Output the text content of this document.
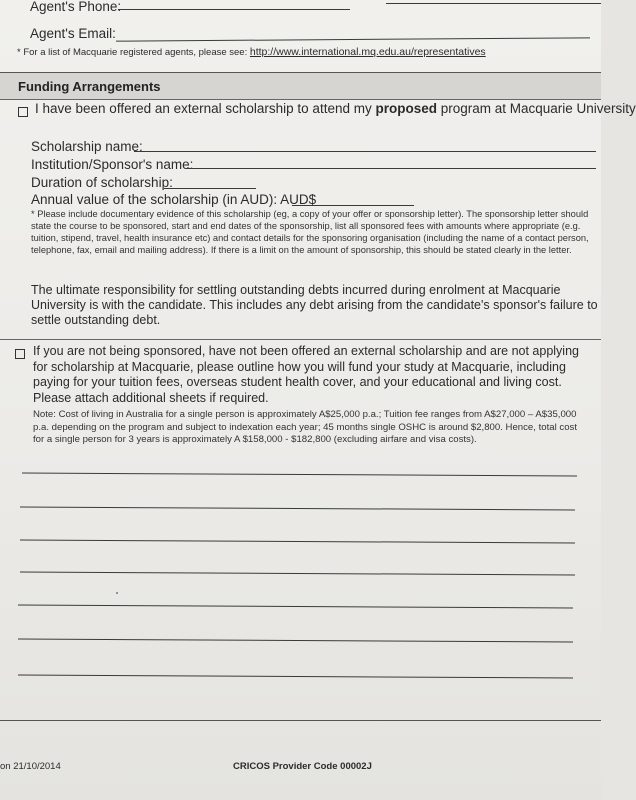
Agent's Phone:
Agent's Email:
* For a list of Macquarie registered agents, please see: http://www.international.mq.edu.au/representatives
Funding Arrangements
I have been offered an external scholarship to attend my proposed program at Macquarie University
Scholarship name:
Institution/Sponsor's name:
Duration of scholarship:
Annual value of the scholarship (in AUD): AUD$
* Please include documentary evidence of this scholarship (eg, a copy of your offer or sponsorship letter). The sponsorship letter should state the course to be sponsored, start and end dates of the sponsorship, list all sponsored fees with amounts where appropriate (e.g. tuition, stipend, travel, health insurance etc) and contact details for the sponsoring organisation (including the name of a contact person, telephone, fax, email and mailing address). If there is a limit on the amount of sponsorship, this should be stated clearly in the letter.
The ultimate responsibility for settling outstanding debts incurred during enrolment at Macquarie University is with the candidate. This includes any debt arising from the candidate's sponsor's failure to settle outstanding debt.
If you are not being sponsored, have not been offered an external scholarship and are not applying for scholarship at Macquarie, please outline how you will fund your study at Macquarie, including paying for your tuition fees, overseas student health cover, and your educational and living cost. Please attach additional sheets if required.
Note: Cost of living in Australia for a single person is approximately A$25,000 p.a.; Tuition fee ranges from A$27,000 – A$35,000 p.a. depending on the program and subject to indexation each year; 45 months single OSHC is around $2,800. Hence, total cost for a single person for 3 years is approximately A $158,000 - $182,800 (excluding airfare and visa costs).
on 21/10/2014	CRICOS Provider Code 00002J
